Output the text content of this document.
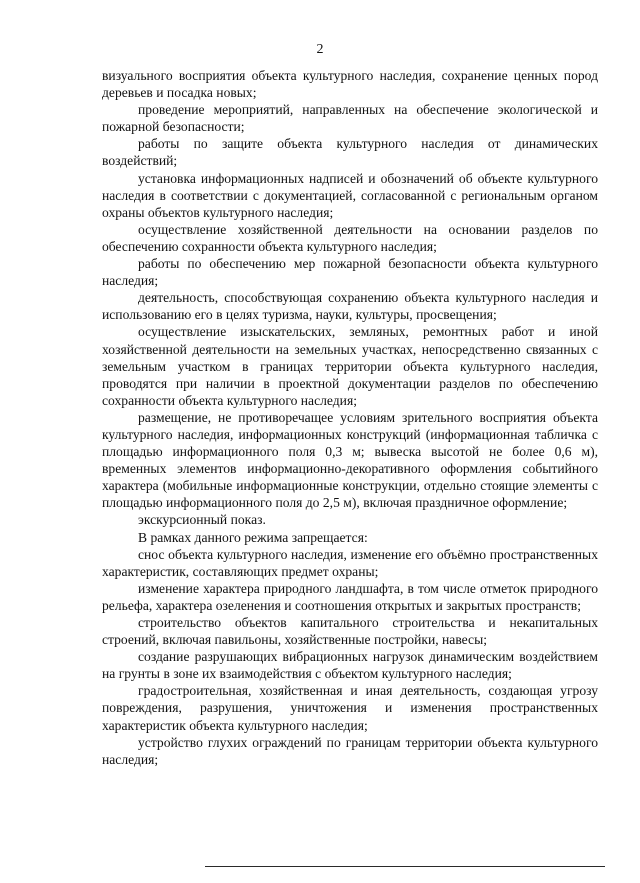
2

визуального восприятия объекта культурного наследия, сохранение ценных пород деревьев и посадка новых;

проведение мероприятий, направленных на обеспечение экологической и пожарной безопасности;

работы по защите объекта культурного наследия от динамических воздействий;

установка информационных надписей и обозначений об объекте культурного наследия в соответствии с документацией, согласованной с региональным органом охраны объектов культурного наследия;

осуществление хозяйственной деятельности на основании разделов по обеспечению сохранности объекта культурного наследия;

работы по обеспечению мер пожарной безопасности объекта культурного наследия;

деятельность, способствующая сохранению объекта культурного наследия и использованию его в целях туризма, науки, культуры, просвещения;

осуществление изыскательских, земляных, ремонтных работ и иной хозяйственной деятельности на земельных участках, непосредственно связанных с земельным участком в границах территории объекта культурного наследия, проводятся при наличии в проектной документации разделов по обеспечению сохранности объекта культурного наследия;

размещение, не противоречащее условиям зрительного восприятия объекта культурного наследия, информационных конструкций (информационная табличка с площадью информационного поля 0,3 м; вывеска высотой не более 0,6 м), временных элементов информационно-декоративного оформления событийного характера (мобильные информационные конструкции, отдельно стоящие элементы с площадью информационного поля до 2,5 м), включая праздничное оформление;

экскурсионный показ.

В рамках данного режима запрещается:

снос объекта культурного наследия, изменение его объёмно пространственных характеристик, составляющих предмет охраны;

изменение характера природного ландшафта, в том числе отметок природного рельефа, характера озеленения и соотношения открытых и закрытых пространств;

строительство объектов капитального строительства и некапитальных строений, включая павильоны, хозяйственные постройки, навесы;

создание разрушающих вибрационных нагрузок динамическим воздействием на грунты в зоне их взаимодействия с объектом культурного наследия;

градостроительная, хозяйственная и иная деятельность, создающая угрозу повреждения, разрушения, уничтожения и изменения пространственных характеристик объекта культурного наследия;

устройство глухих ограждений по границам территории объекта культурного наследия;
